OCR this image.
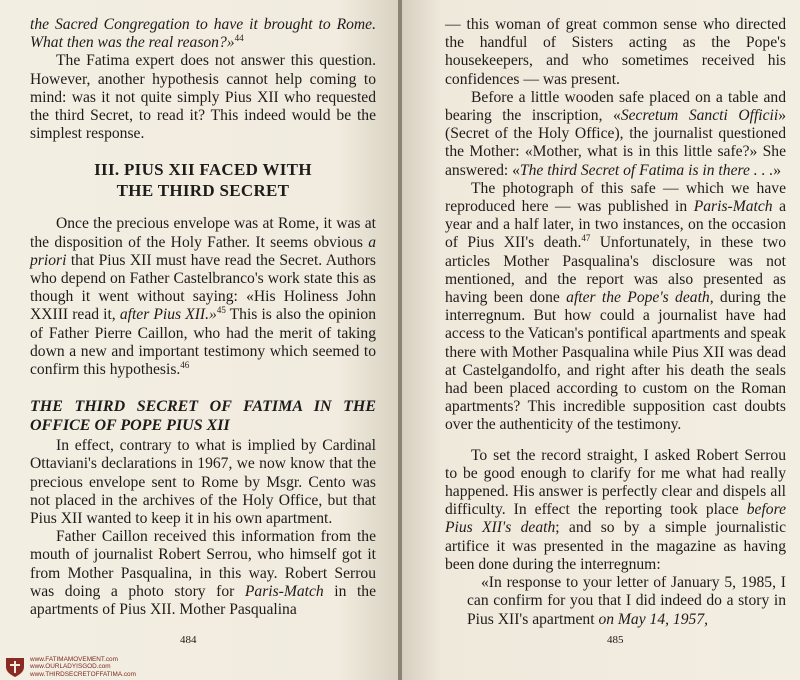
the Sacred Congregation to have it brought to Rome. What then was the real reason?»$^{44}$

The Fatima expert does not answer this question. However, another hypothesis cannot help coming to mind: was it not quite simply Pius XII who requested the third Secret, to read it? This indeed would be the simplest response.

III. PIUS XII FACED WITH
THE THIRD SECRET

Once the precious envelope was at Rome, it was at the disposition of the Holy Father. It seems obvious a priori that Pius XII must have read the Secret. Authors who depend on Father Castelbranco's work state this as though it went without saying: «His Holiness John XXIII read it, after Pius XII.»$^{45}$ This is also the opinion of Father Pierre Caillon, who had the merit of taking down a new and important testimony which seemed to confirm this hypothesis.$^{46}$

THE THIRD SECRET OF FATIMA IN THE OFFICE OF POPE PIUS XII

In effect, contrary to what is implied by Cardinal Ottaviani's declarations in 1967, we now know that the precious envelope sent to Rome by Msgr. Cento was not placed in the archives of the Holy Office, but that Pius XII wanted to keep it in his own apartment.

Father Caillon received this information from the mouth of journalist Robert Serrou, who himself got it from Mother Pasqualina, in this way. Robert Serrou was doing a photo story for Paris-Match in the apartments of Pius XII. Mother Pasqualina

484
www.FATIMAMOVEMENT.com
www.OURLADYISGOD.com
www.THIRDSECRETOFFATIMA.com

— this woman of great common sense who directed the handful of Sisters acting as the Pope's housekeepers, and who sometimes received his confidences — was present.

Before a little wooden safe placed on a table and bearing the inscription, «Secretum Sancti Officii» (Secret of the Holy Office), the journalist questioned the Mother: «Mother, what is in this little safe?» She answered: «The third Secret of Fatima is in there . . .»

The photograph of this safe — which we have reproduced here — was published in Paris-Match a year and a half later, in two instances, on the occasion of Pius XII's death.$^{47}$ Unfortunately, in these two articles Mother Pasqualina's disclosure was not mentioned, and the report was also presented as having been done after the Pope's death, during the interregnum. But how could a journalist have had access to the Vatican's pontifical apartments and speak there with Mother Pasqualina while Pius XII was dead at Castelgandolfo, and right after his death the seals had been placed according to custom on the Roman apartments? This incredible supposition cast doubts over the authenticity of the testimony.

To set the record straight, I asked Robert Serrou to be good enough to clarify for me what had really happened. His answer is perfectly clear and dispels all difficulty. In effect the reporting took place before Pius XII's death; and so by a simple journalistic artifice it was presented in the magazine as having been done during the interregnum:

«In response to your letter of January 5, 1985, I can confirm for you that I did indeed do a story in Pius XII's apartment on May 14, 1957,

485
